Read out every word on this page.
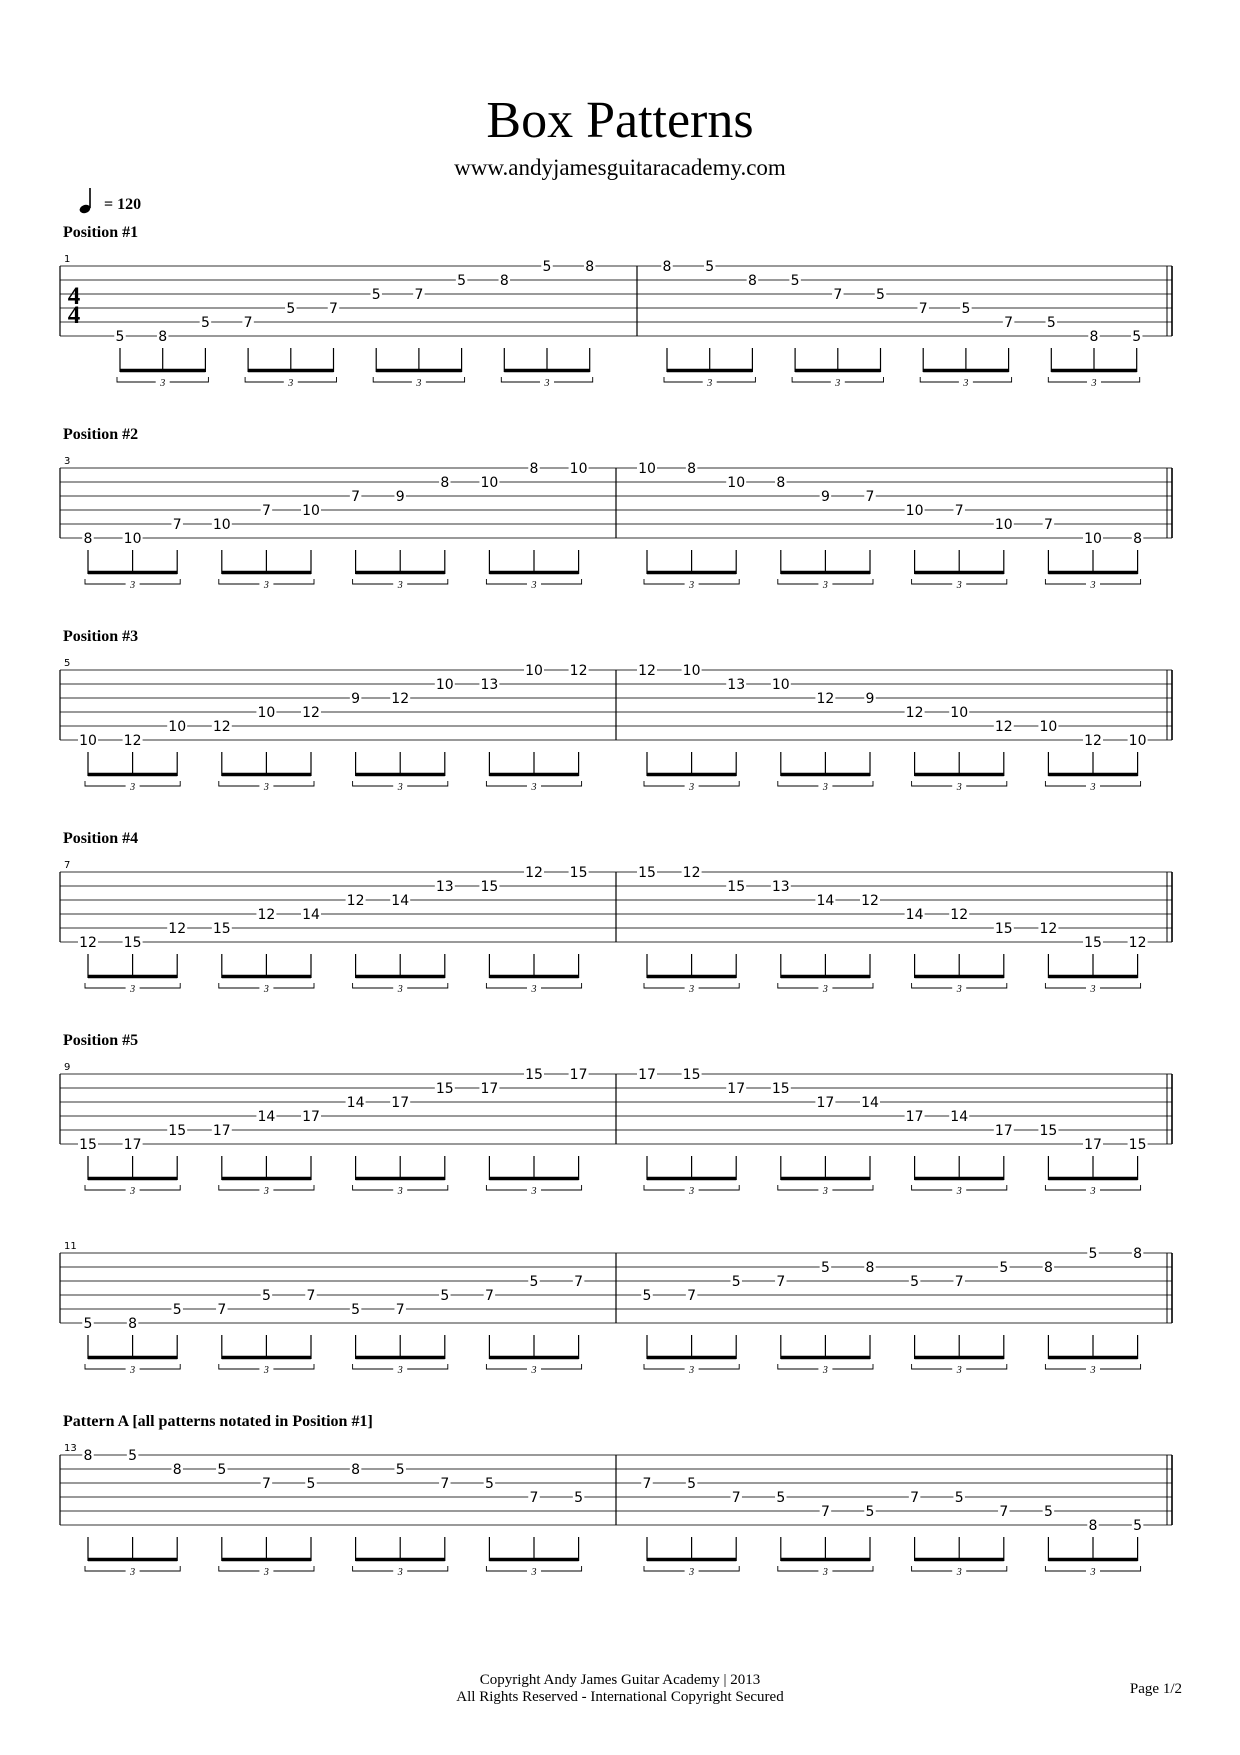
Box Patterns
www.andyjamesguitaracademy.com
= 120
Position #1
1
4
4
5 8
5 7
5 7
5 7
5 8
5 8
3	3	3	3
8 5
8 5
7 5
7 5
7 5
8 5
3	3	3	3
Position #2
3
8 10
7 10
7 10
7	9
8 10
8 10
3	3	3	3
10 8
10 8
9	7
10 7
10 7
10 8
3	3	3	3
Position #3
5
10 12
10 12
10 12
9 12
10 13
10 12
3	3	3	3
12 10
13 10
12 9
12 10
12 10
12 10
3	3	3	3
Position #4
7
12 15
12 15
12 14
12 14
13 15
12 15
3	3	3	3
15 12
15 13
14 12
14 12
15 12
15 12
3	3	3	3
Position #5
9
15 17
15 17
14 17
14 17
15 17
15 17
3	3	3	3
17 15
17 15
17 14
17 14
17 15
17 15
3	3	3	3
11
5	8
5	7
5	7
5	7
5	7
5	7
3	3	3	3
5	7
5	7
5	8
5	7
5	8
5	8
3	3	3	3
Pattern A [all patterns notated in Position #1]
13 8	5
8	5
7	5
8	5
7	5
7	5
3	3	3	3
7	5
7	5
7	5
7	5
7	5
8	5
3	3	3	3
Copyright Andy James Guitar Academy | 2013
All Rights Reserved - International Copyright Secured	Page 1/2
